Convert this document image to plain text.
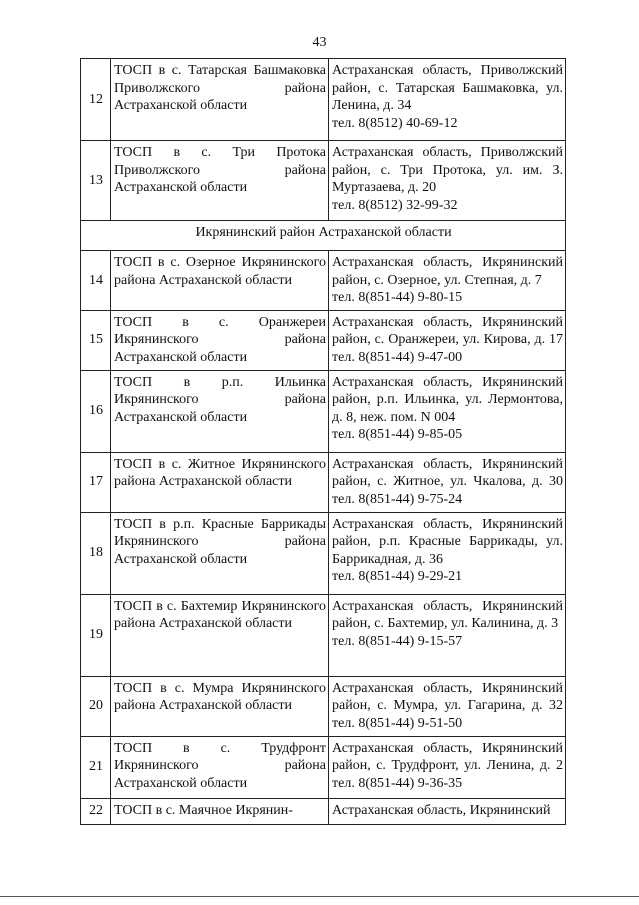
43
12	ТОСП в с. Татарская Башмаковка Приволжского района Астраханской области	Астраханская область, Приволжский район, с. Татарская Башмаковка, ул. Ленина, д. 34
тел. 8(8512) 40-69-12

13	ТОСП в с. Три Протока Приволжского района Астраханской области	Астраханская область, Приволжский район, с. Три Протока, ул. им. З. Муртазаева, д. 20
тел. 8(8512) 32-99-32

Икрянинский район Астраханской области		
14	ТОСП в с. Озерное Икрянинского района Астраханской области	Астраханская область, Икрянинский район, с. Озерное, ул. Степная, д. 7
тел. 8(851-44) 9-80-15

15	ТОСП в с. Оранжереи Икрянинского района Астраханской области	Астраханская область, Икрянинский район, с. Оранжереи, ул. Кирова, д. 17 тел. 8(851-44) 9-47-00

16	ТОСП в р.п. Ильинка Икрянинского района Астраханской области	Астраханская область, Икрянинский район, р.п. Ильинка, ул. Лермонтова, д. 8, неж. пом. N 004
тел. 8(851-44) 9-85-05

17	ТОСП в с. Житное Икрянинского района Астраханской области	Астраханская область, Икрянинский район, с. Житное, ул. Чкалова, д. 30 тел. 8(851-44) 9-75-24

18	ТОСП в р.п. Красные Баррикады Икрянинского района Астраханской области	Астраханская область, Икрянинский район, р.п. Красные Баррикады, ул. Баррикадная, д. 36
тел. 8(851-44) 9-29-21

19	ТОСП в с. Бахтемир Икрянинского района Астраханской области	Астраханская область, Икрянинский район, с. Бахтемир, ул. Калинина, д. 3
тел. 8(851-44) 9-15-57

20	ТОСП в с. Мумра Икрянинского района Астраханской области	Астраханская область, Икрянинский район, с. Мумра, ул. Гагарина, д. 32 тел. 8(851-44) 9-51-50

21	ТОСП в с. Трудфронт Икрянинского района Астраханской области	Астраханская область, Икрянинский район, с. Трудфронт, ул. Ленина, д. 2 тел. 8(851-44) 9-36-35

22	ТОСП в с. Маячное Икрянин-	Астраханская область, Икрянинский
